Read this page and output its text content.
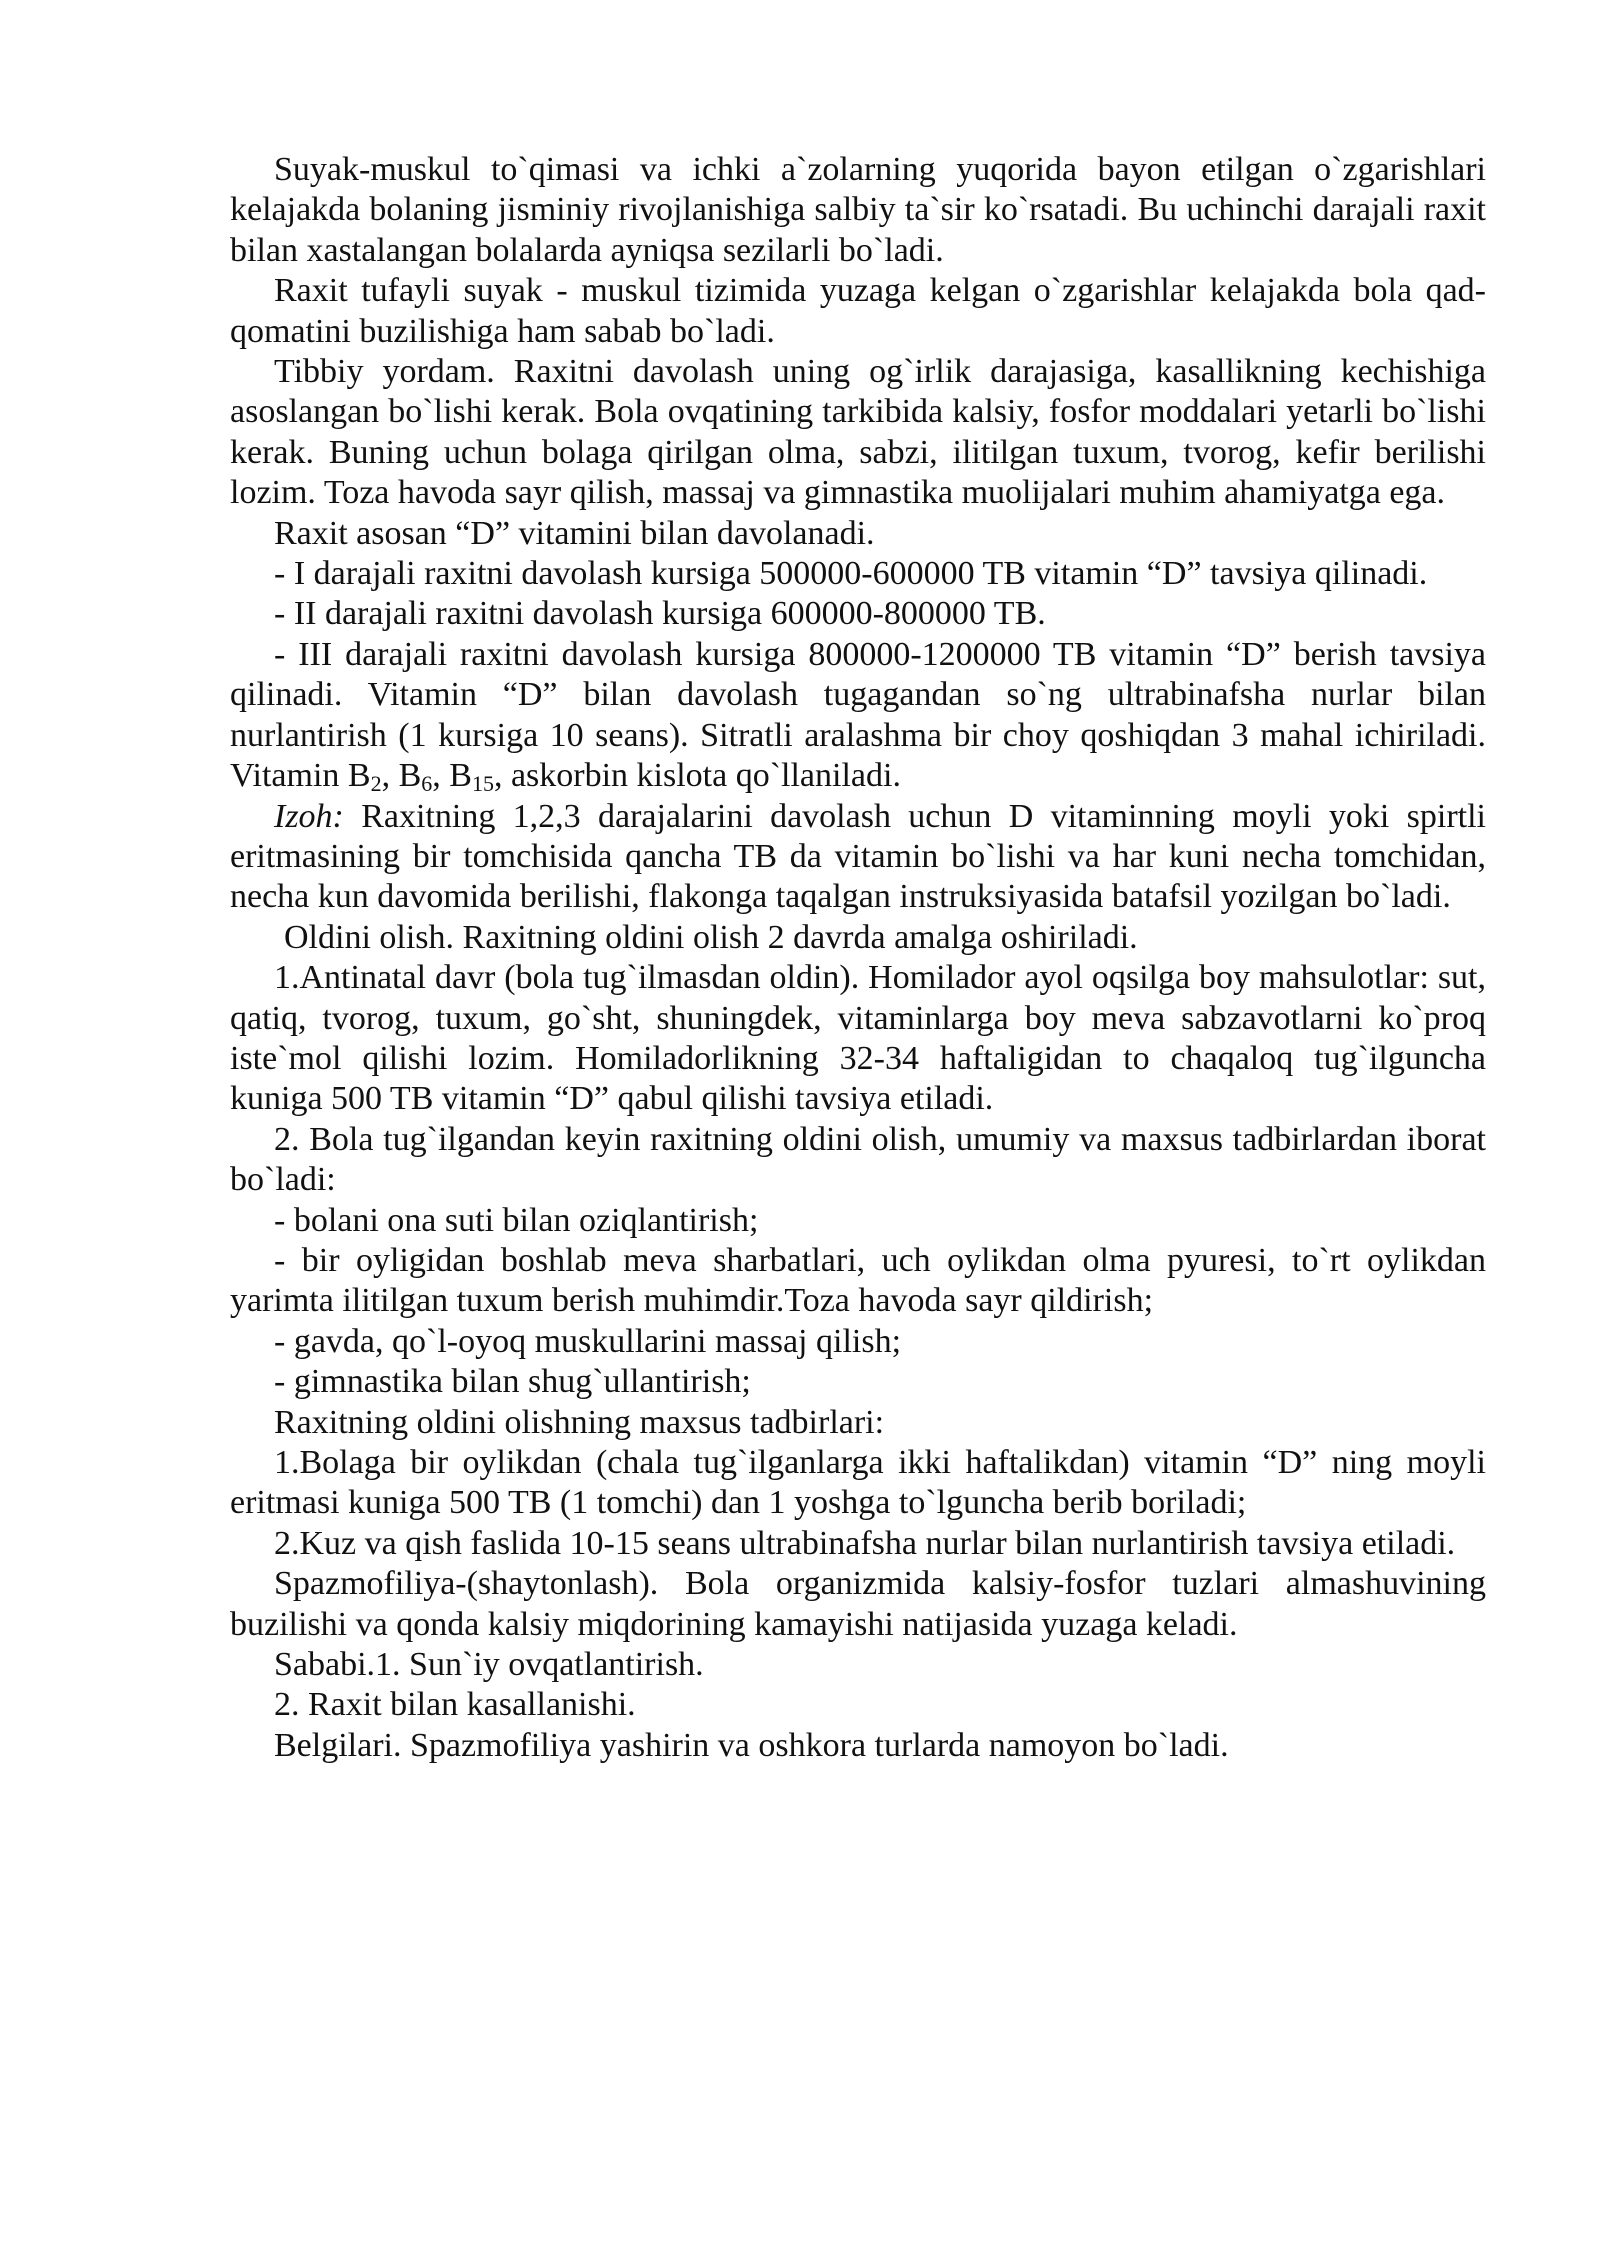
Suyak-muskul to`qimasi va ichki a`zolarning yuqorida bayon etilgan o`zgarishlari kelajakda bolaning jisminiy rivojlanishiga salbiy ta`sir ko`rsatadi. Bu uchinchi darajali raxit bilan xastalangan bolalarda ayniqsa sezilarli bo`ladi.

Raxit tufayli suyak - muskul tizimida yuzaga kelgan o`zgarishlar kelajakda bola qad-qomatini buzilishiga ham sabab bo`ladi.

Tibbiy yordam. Raxitni davolash uning og`irlik darajasiga, kasallikning kechishiga asoslangan bo`lishi kerak. Bola ovqatining tarkibida kalsiy, fosfor moddalari yetarli bo`lishi kerak. Buning uchun bolaga qirilgan olma, sabzi, ilitilgan tuxum, tvorog, kefir berilishi lozim. Toza havoda sayr qilish, massaj va gimnastika muolijalari muhim ahamiyatga ega.

Raxit asosan “D” vitamini bilan davolanadi.

- I darajali raxitni davolash kursiga 500000-600000 TB vitamin “D” tavsiya qilinadi.

- II darajali raxitni davolash kursiga 600000-800000 TB.

- III darajali raxitni davolash kursiga 800000-1200000 TB vitamin “D” berish tavsiya qilinadi. Vitamin “D” bilan davolash tugagandan so`ng ultrabinafsha nurlar bilan nurlantirish (1 kursiga 10 seans). Sitratli aralashma bir choy qoshiqdan 3 mahal ichiriladi. Vitamin $B_2$, $B_6$, $B_{15}$, askorbin kislota qo`llaniladi.

Izoh: Raxitning 1,2,3 darajalarini davolash uchun D vitaminning moyli yoki spirtli eritmasining bir tomchisida qancha TB da vitamin bo`lishi va har kuni necha tomchidan, necha kun davomida berilishi, flakonga taqalgan instruksiyasida batafsil yozilgan bo`ladi.

Oldini olish. Raxitning oldini olish 2 davrda amalga oshiriladi.

1.Antinatal davr (bola tug`ilmasdan oldin). Homilador ayol oqsilga boy mahsulotlar: sut, qatiq, tvorog, tuxum, go`sht, shuningdek, vitaminlarga boy meva sabzavotlarni ko`proq iste`mol qilishi lozim. Homiladorlikning 32-34 haftaligidan to chaqaloq tug`ilguncha kuniga 500 TB vitamin “D” qabul qilishi tavsiya etiladi.

2. Bola tug`ilgandan keyin raxitning oldini olish, umumiy va maxsus tadbirlardan iborat bo`ladi:

- bolani ona suti bilan oziqlantirish;

- bir oyligidan boshlab meva sharbatlari, uch oylikdan olma pyuresi, to`rt oylikdan yarimta ilitilgan tuxum berish muhimdir.Toza havoda sayr qildirish;

- gavda, qo`l-oyoq muskullarini massaj qilish;

- gimnastika bilan shug`ullantirish;

Raxitning oldini olishning maxsus tadbirlari:

1.Bolaga bir oylikdan (chala tug`ilganlarga ikki haftalikdan) vitamin “D” ning moyli eritmasi kuniga 500 TB (1 tomchi) dan 1 yoshga to`lguncha berib boriladi;

2.Kuz va qish faslida 10-15 seans ultrabinafsha nurlar bilan nurlantirish tavsiya etiladi.

Spazmofiliya-(shaytonlash). Bola organizmida kalsiy-fosfor tuzlari almashuvining buzilishi va qonda kalsiy miqdorining kamayishi natijasida yuzaga keladi.

Sababi.1. Sun`iy ovqatlantirish.

2. Raxit bilan kasallanishi.

Belgilari. Spazmofiliya yashirin va oshkora turlarda namoyon bo`ladi.
